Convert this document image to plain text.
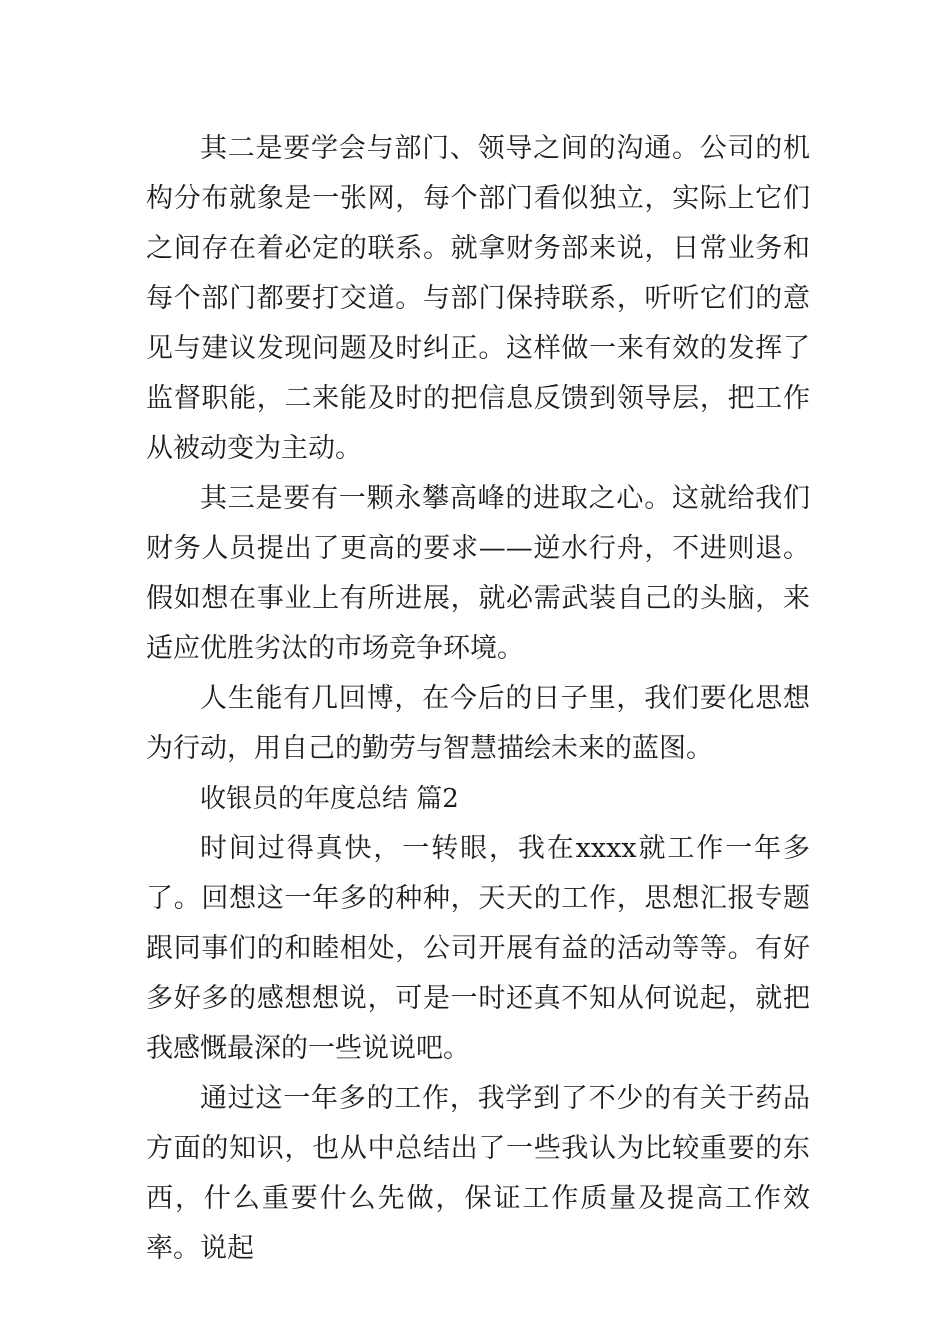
其二是要学会与部门、领导之间的沟通。公司的机构分布就象是一张网，每个部门看似独立，实际上它们之间存在着必定的联系。就拿财务部来说，日常业务和每个部门都要打交道。与部门保持联系，听听它们的意见与建议发现问题及时纠正。这样做一来有效的发挥了监督职能，二来能及时的把信息反馈到领导层，把工作从被动变为主动。

其三是要有一颗永攀高峰的进取之心。这就给我们财务人员提出了更高的要求——逆水行舟，不进则退。假如想在事业上有所进展，就必需武装自己的头脑，来适应优胜劣汰的市场竞争环境。

人生能有几回博，在今后的日子里，我们要化思想为行动，用自己的勤劳与智慧描绘未来的蓝图。

收银员的年度总结 篇2

时间过得真快，一转眼，我在xxxx就工作一年多了。回想这一年多的种种，天天的工作，思想汇报专题跟同事们的和睦相处，公司开展有益的活动等等。有好多好多的感想想说，可是一时还真不知从何说起，就把我感慨最深的一些说说吧。

通过这一年多的工作，我学到了不少的有关于药品方面的知识，也从中总结出了一些我认为比较重要的东西，什么重要什么先做，保证工作质量及提高工作效率。说起
